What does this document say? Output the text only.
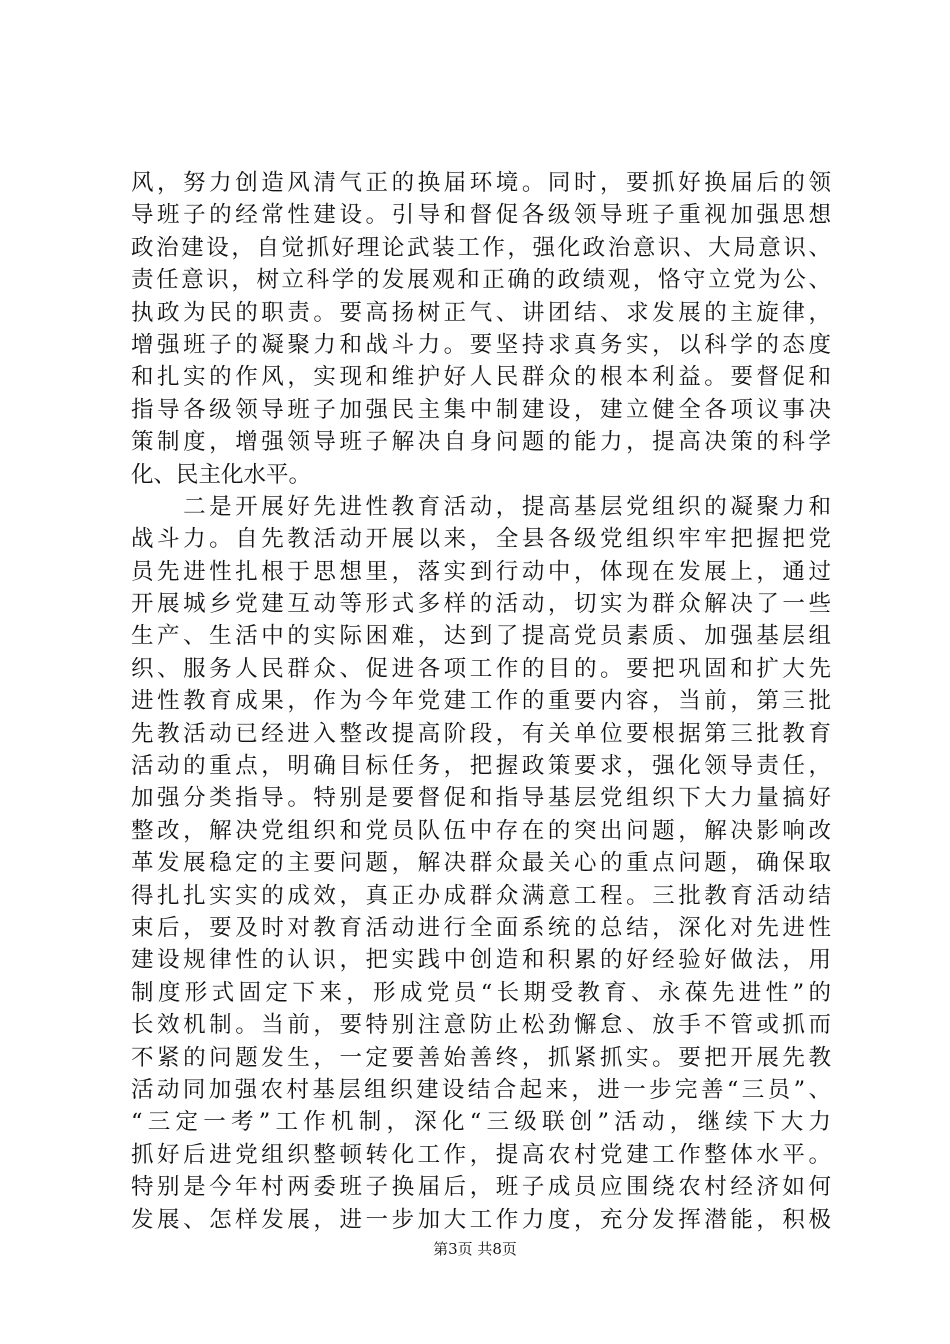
风，努力创造风清气正的换届环境。同时，要抓好换届后的领
导班子的经常性建设。引导和督促各级领导班子重视加强思想
政治建设，自觉抓好理论武装工作，强化政治意识、大局意识、
责任意识，树立科学的发展观和正确的政绩观，恪守立党为公、
执政为民的职责。要高扬树正气、讲团结、求发展的主旋律，
增强班子的凝聚力和战斗力。要坚持求真务实，以科学的态度
和扎实的作风，实现和维护好人民群众的根本利益。要督促和
指导各级领导班子加强民主集中制建设，建立健全各项议事决
策制度，增强领导班子解决自身问题的能力，提高决策的科学
化、民主化水平。
　　二是开展好先进性教育活动，提高基层党组织的凝聚力和
战斗力。自先教活动开展以来，全县各级党组织牢牢把握把党
员先进性扎根于思想里，落实到行动中，体现在发展上，通过
开展城乡党建互动等形式多样的活动，切实为群众解决了一些
生产、生活中的实际困难，达到了提高党员素质、加强基层组
织、服务人民群众、促进各项工作的目的。要把巩固和扩大先
进性教育成果，作为今年党建工作的重要内容，当前，第三批
先教活动已经进入整改提高阶段，有关单位要根据第三批教育
活动的重点，明确目标任务，把握政策要求，强化领导责任，
加强分类指导。特别是要督促和指导基层党组织下大力量搞好
整改，解决党组织和党员队伍中存在的突出问题，解决影响改
革发展稳定的主要问题，解决群众最关心的重点问题，确保取
得扎扎实实的成效，真正办成群众满意工程。三批教育活动结
束后，要及时对教育活动进行全面系统的总结，深化对先进性
建设规律性的认识，把实践中创造和积累的好经验好做法，用
制度形式固定下来，形成党员“长期受教育、永葆先进性”的
长效机制。当前，要特别注意防止松劲懈怠、放手不管或抓而
不紧的问题发生，一定要善始善终，抓紧抓实。要把开展先教
活动同加强农村基层组织建设结合起来，进一步完善“三员”、
“三定一考”工作机制，深化“三级联创”活动，继续下大力
抓好后进党组织整顿转化工作，提高农村党建工作整体水平。
特别是今年村两委班子换届后，班子成员应围绕农村经济如何
发展、怎样发展，进一步加大工作力度，充分发挥潜能，积极
第3页 共8页
